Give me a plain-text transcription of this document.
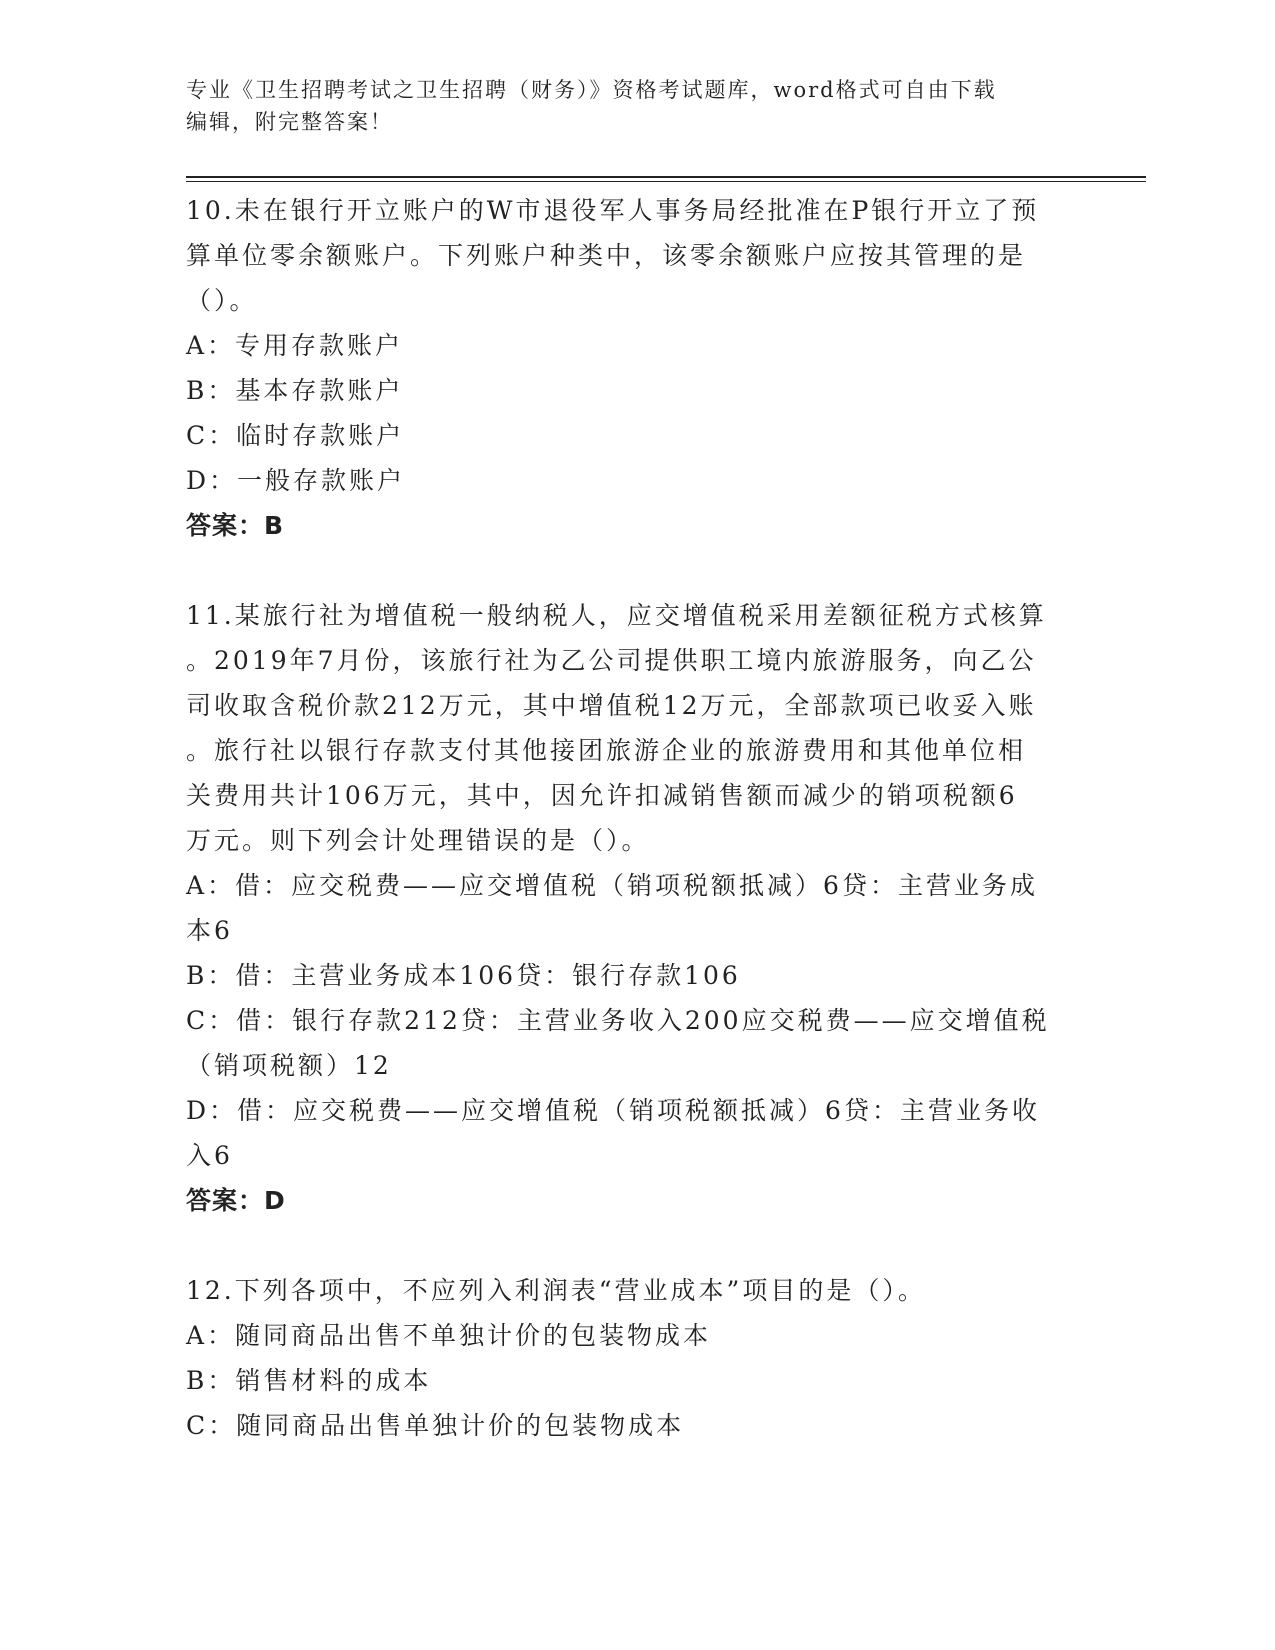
专业《卫生招聘考试之卫生招聘（财务）》资格考试题库，word格式可自由下载
编辑，附完整答案！
10.未在银行开立账户的W市退役军人事务局经批准在P银行开立了预
算单位零余额账户。下列账户种类中，该零余额账户应按其管理的是
（）。
A：专用存款账户
B：基本存款账户
C：临时存款账户
D：一般存款账户
答案：B
11.某旅行社为增值税一般纳税人，应交增值税采用差额征税方式核算
。2019年7月份，该旅行社为乙公司提供职工境内旅游服务，向乙公
司收取含税价款212万元，其中增值税12万元，全部款项已收妥入账
。旅行社以银行存款支付其他接团旅游企业的旅游费用和其他单位相
关费用共计106万元，其中，因允许扣减销售额而减少的销项税额6
万元。则下列会计处理错误的是（）。
A：借：应交税费——应交增值税（销项税额抵减）6贷：主营业务成
本6
B：借：主营业务成本106贷：银行存款106
C：借：银行存款212贷：主营业务收入200应交税费——应交增值税
（销项税额）12
D：借：应交税费——应交增值税（销项税额抵减）6贷：主营业务收
入6
答案：D
12.下列各项中，不应列入利润表“营业成本”项目的是（）。
A：随同商品出售不单独计价的包装物成本
B：销售材料的成本
C：随同商品出售单独计价的包装物成本
